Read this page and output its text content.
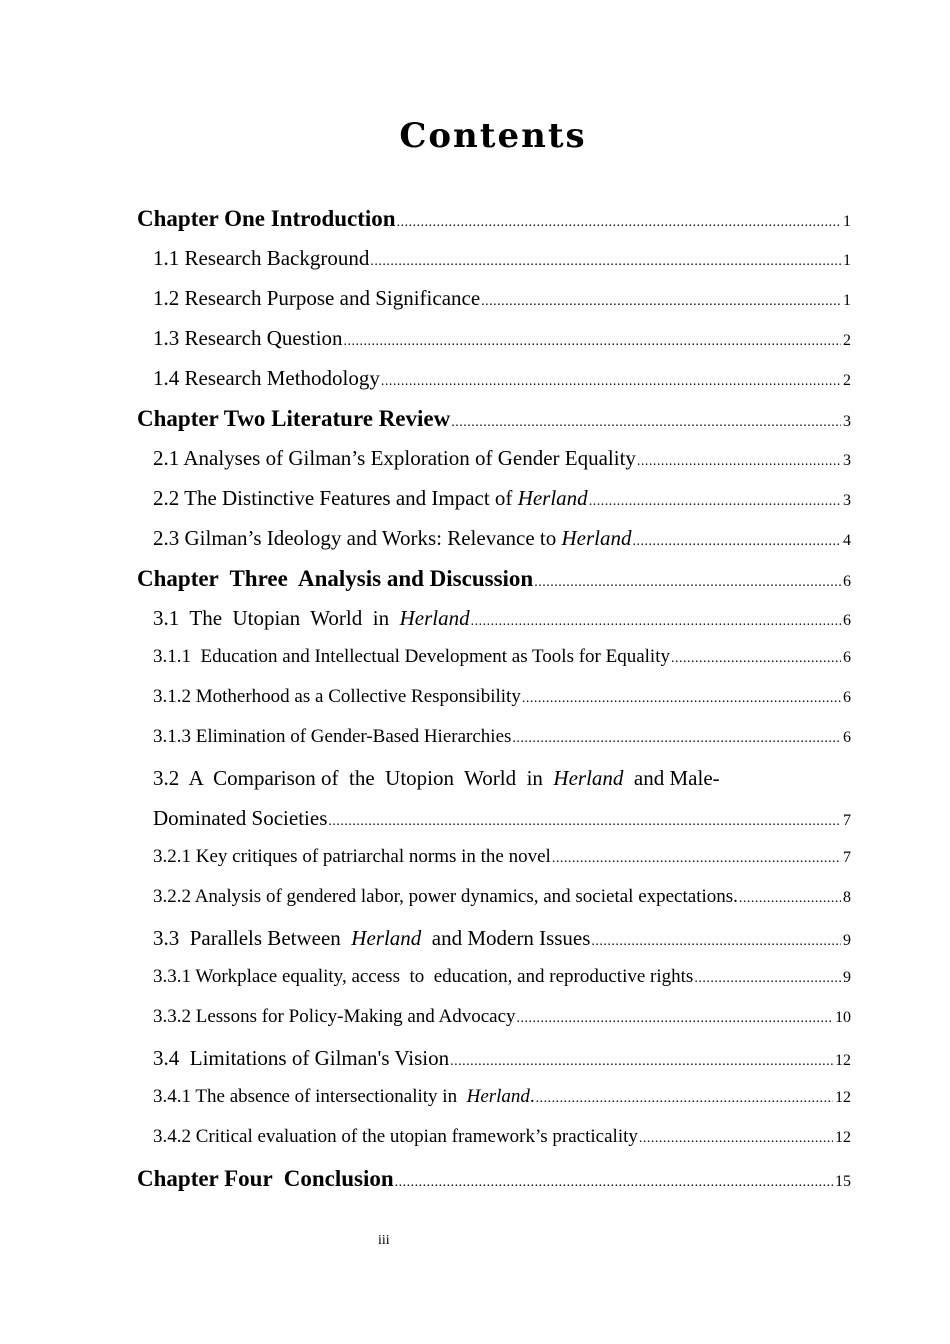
Contents
Chapter One Introduction .....	1
1.1 Research Background .....	1
1.2 Research Purpose and Significance .....	1
1.3 Research Question .....	2
1.4 Research Methodology .....	2
Chapter Two Literature Review .....	3
2.1 Analyses of Gilman’s Exploration of Gender Equality .....	3
2.2 The Distinctive Features and Impact of Herland .....	3
2.3 Gilman’s Ideology and Works: Relevance to Herland .....	4
Chapter  Three  Analysis and Discussion .....	6
3.1  The  Utopian  World  in  Herland .....	6
3.1.1  Education and Intellectual Development as Tools for Equality .....	6
3.1.2 Motherhood as a Collective Responsibility .....	6
3.1.3 Elimination of Gender-Based Hierarchies .....	6
3.2  A  Comparison of  the  Utopion  World  in  Herland  and Male-
Dominated Societies .....	7
3.2.1 Key critiques of patriarchal norms in the novel .....	7
3.2.2 Analysis of gendered labor, power dynamics, and societal expectations. .....	8
3.3  Parallels Between  Herland  and Modern Issues .....	9
3.3.1 Workplace equality, access  to  education, and reproductive rights .....	9
3.3.2 Lessons for Policy-Making and Advocacy .....	10
3.4  Limitations of Gilman's Vision .....	12
3.4.1 The absence of intersectionality in  Herland. .....	12
3.4.2 Critical evaluation of the utopian framework’s practicality .....	12
Chapter Four  Conclusion .....	15
iii
